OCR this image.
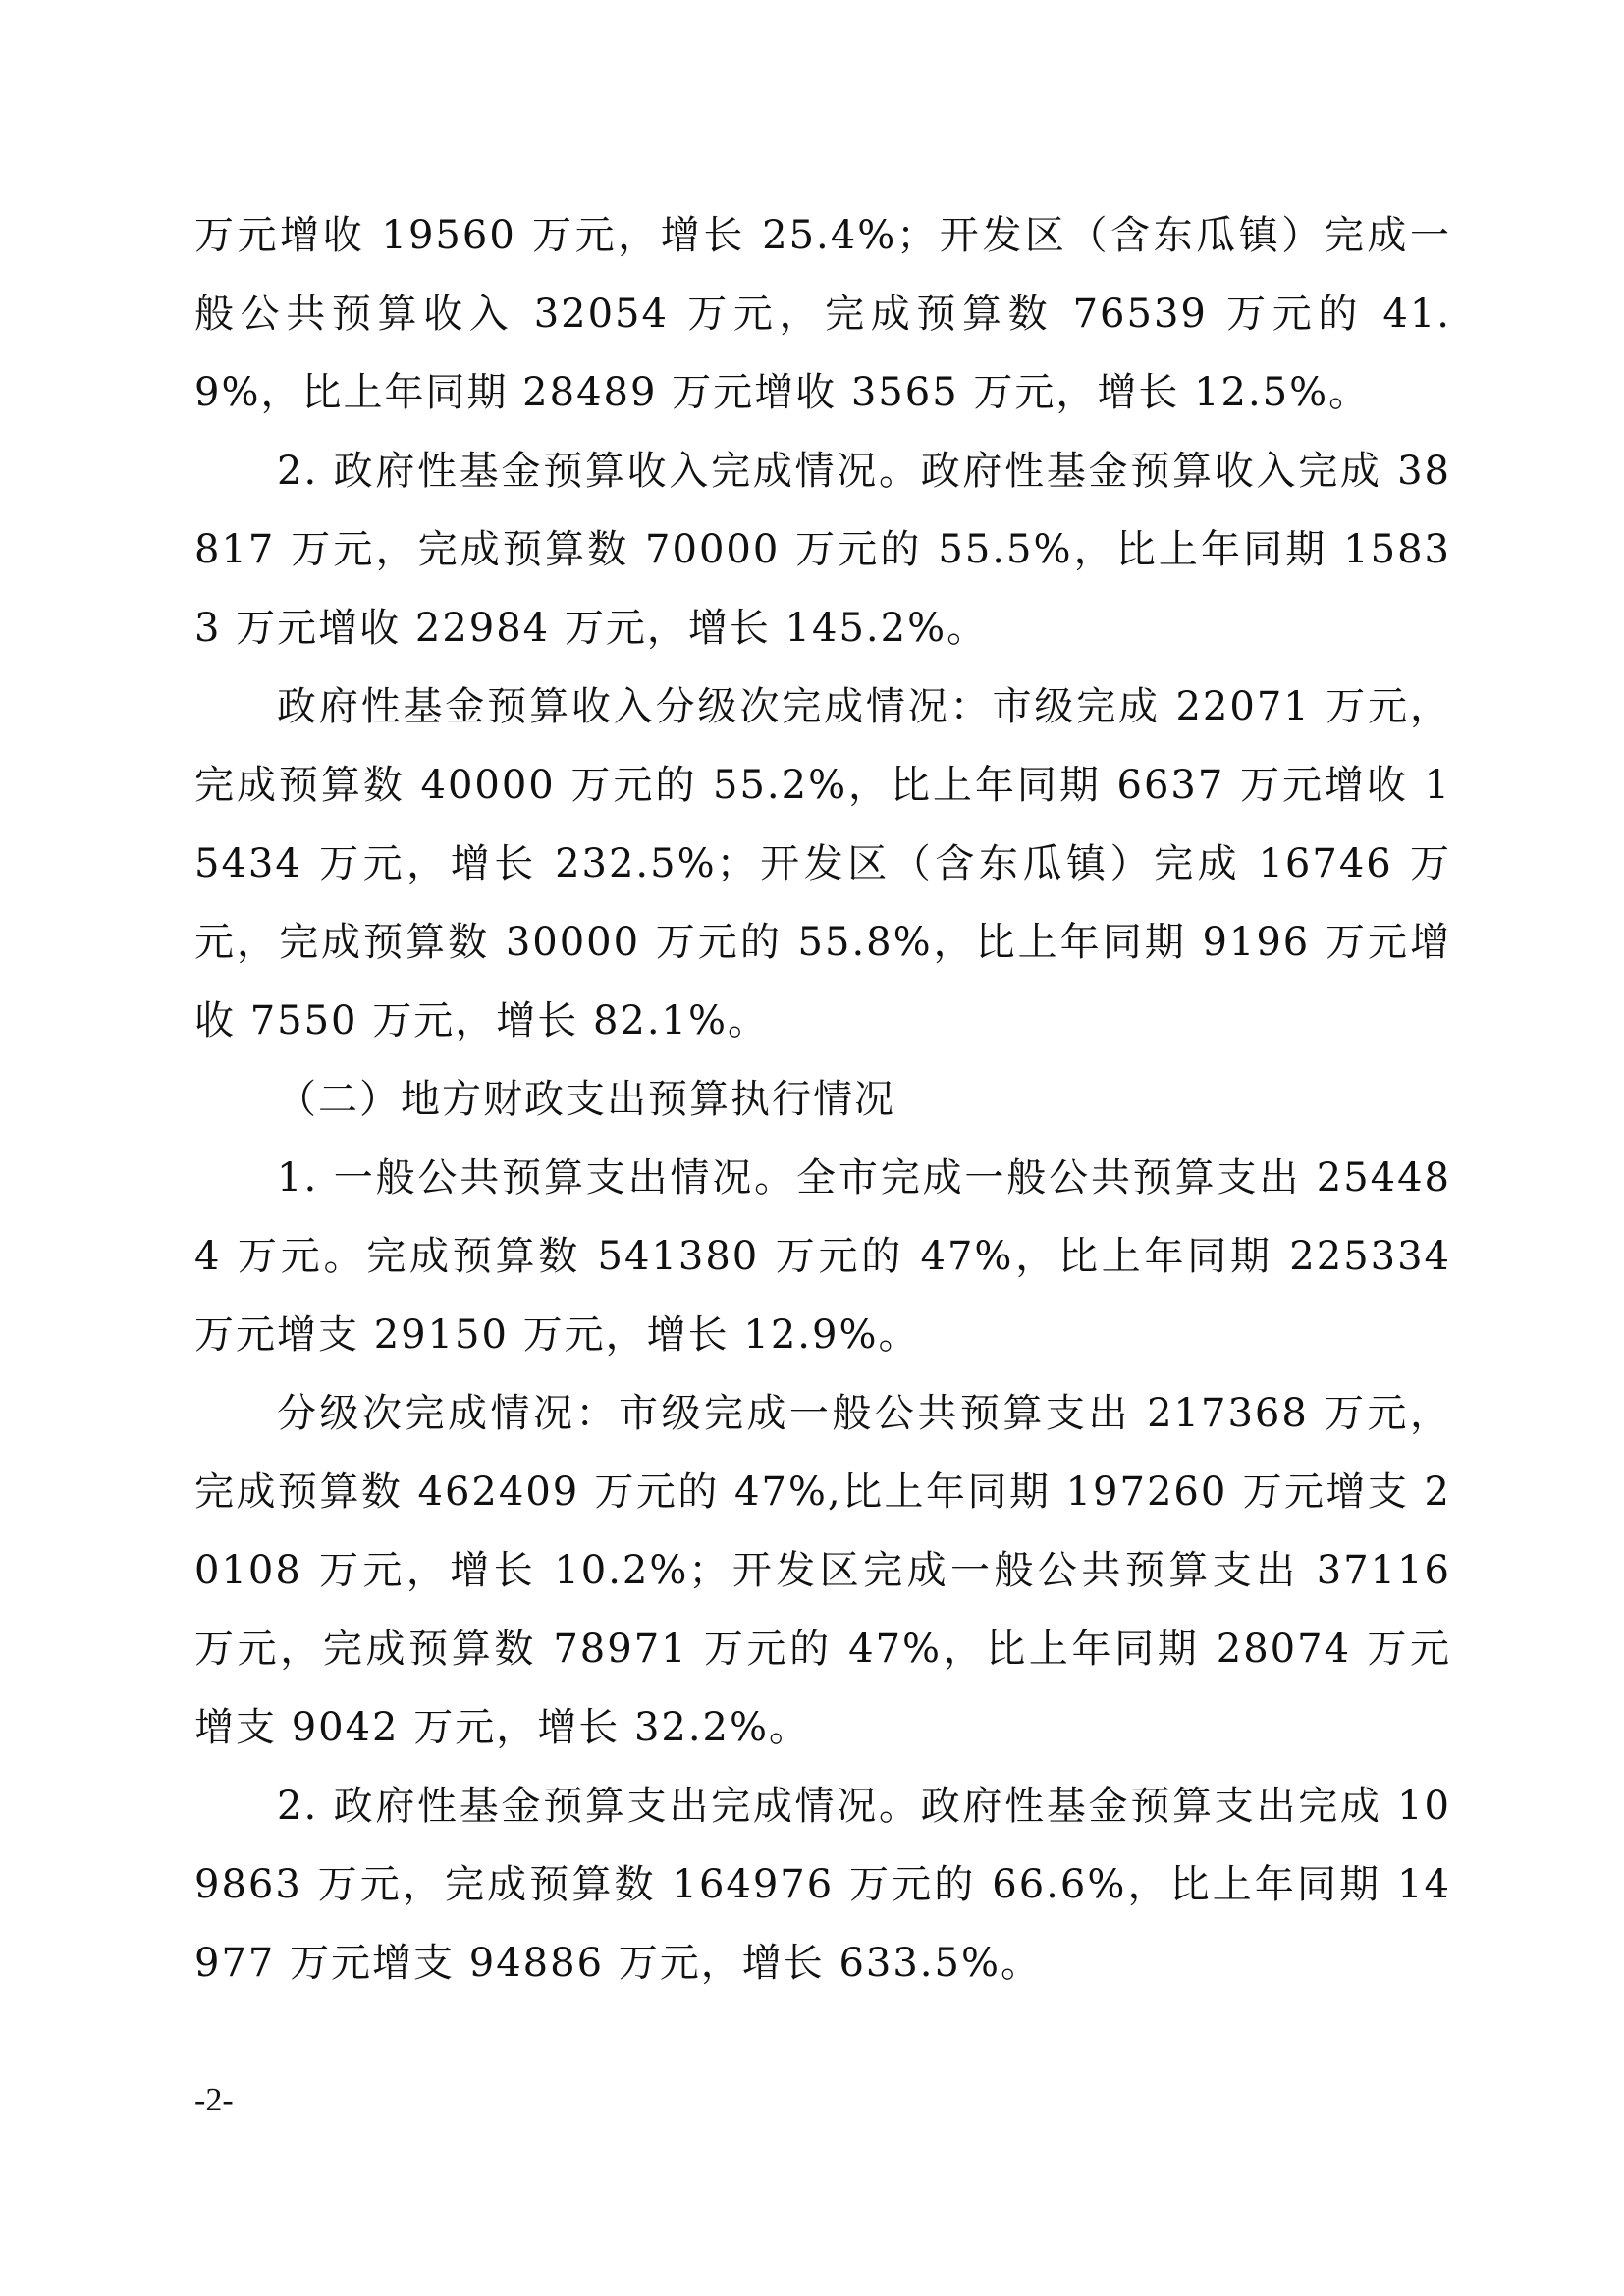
万元增收 19560 万元，增长 25.4%；开发区（含东瓜镇）完成一般公共预算收入 32054 万元，完成预算数 76539 万元的 41.9%，比上年同期 28489 万元增收 3565 万元，增长 12.5%。

2. 政府性基金预算收入完成情况。政府性基金预算收入完成 38817 万元，完成预算数 70000 万元的 55.5%，比上年同期 15833 万元增收 22984 万元，增长 145.2%。

政府性基金预算收入分级次完成情况：市级完成 22071 万元，完成预算数 40000 万元的 55.2%，比上年同期 6637 万元增收 15434 万元，增长 232.5%；开发区（含东瓜镇）完成 16746 万元，完成预算数 30000 万元的 55.8%，比上年同期 9196 万元增收 7550 万元，增长 82.1%。

（二）地方财政支出预算执行情况

1. 一般公共预算支出情况。全市完成一般公共预算支出 254484 万元。完成预算数 541380 万元的 47%，比上年同期 225334 万元增支 29150 万元，增长 12.9%。

分级次完成情况：市级完成一般公共预算支出 217368 万元，完成预算数 462409 万元的 47%,比上年同期 197260 万元增支 20108 万元，增长 10.2%；开发区完成一般公共预算支出 37116 万元，完成预算数 78971 万元的 47%，比上年同期 28074 万元增支 9042 万元，增长 32.2%。

2. 政府性基金预算支出完成情况。政府性基金预算支出完成 109863 万元，完成预算数 164976 万元的 66.6%，比上年同期 14977 万元增支 94886 万元，增长 633.5%。

-2-
